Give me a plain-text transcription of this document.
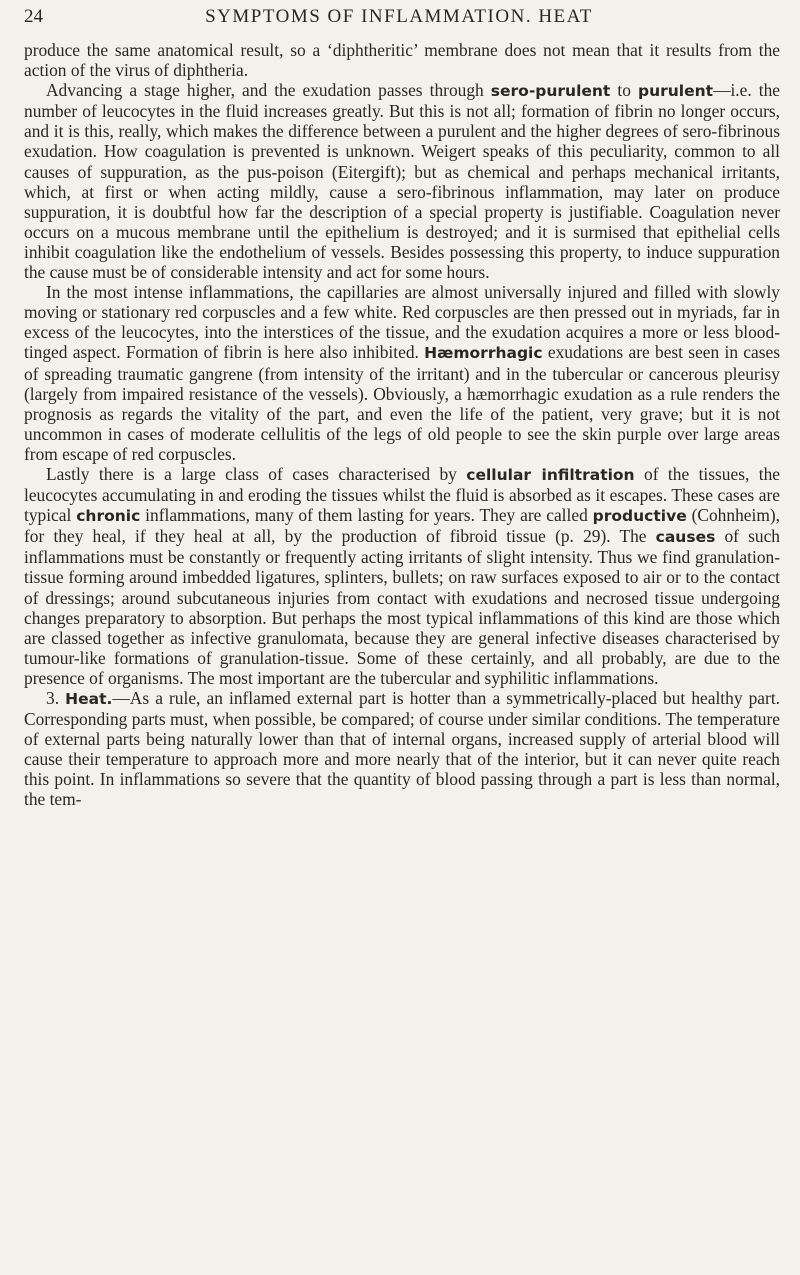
24	SYMPTOMS OF INFLAMMATION. HEAT

produce the same anatomical result, so a ‘diphtheritic’ membrane does not mean that it results from the action of the virus of diphtheria.

Advancing a stage higher, and the exudation passes through sero-purulent to purulent—i.e. the number of leucocytes in the fluid increases greatly. But this is not all; formation of fibrin no longer occurs, and it is this, really, which makes the difference between a purulent and the higher degrees of sero-fibrinous exudation. How coagulation is prevented is unknown. Weigert speaks of this peculiarity, common to all causes of suppuration, as the pus-poison (Eitergift); but as chemical and perhaps mechanical irritants, which, at first or when acting mildly, cause a sero-fibrinous inflammation, may later on produce suppuration, it is doubtful how far the description of a special property is justifiable. Coagulation never occurs on a mucous membrane until the epithelium is destroyed; and it is surmised that epithelial cells inhibit coagulation like the endothelium of vessels. Besides possessing this property, to induce suppuration the cause must be of considerable intensity and act for some hours.

In the most intense inflammations, the capillaries are almost universally injured and filled with slowly moving or stationary red corpuscles and a few white. Red corpuscles are then pressed out in myriads, far in excess of the leucocytes, into the interstices of the tissue, and the exudation acquires a more or less blood-tinged aspect. Formation of fibrin is here also inhibited. Hæmorrhagic exudations are best seen in cases of spreading traumatic gangrene (from intensity of the irritant) and in the tubercular or cancerous pleurisy (largely from impaired resistance of the vessels). Obviously, a hæmorrhagic exudation as a rule renders the prognosis as regards the vitality of the part, and even the life of the patient, very grave; but it is not uncommon in cases of moderate cellulitis of the legs of old people to see the skin purple over large areas from escape of red corpuscles.

Lastly there is a large class of cases characterised by cellular infiltration of the tissues, the leucocytes accumulating in and eroding the tissues whilst the fluid is absorbed as it escapes. These cases are typical chronic inflammations, many of them lasting for years. They are called productive (Cohnheim), for they heal, if they heal at all, by the production of fibroid tissue (p. 29). The causes of such inflammations must be constantly or frequently acting irritants of slight intensity. Thus we find granulation-tissue forming around imbedded ligatures, splinters, bullets; on raw surfaces exposed to air or to the contact of dressings; around subcutaneous injuries from contact with exudations and necrosed tissue undergoing changes preparatory to absorption. But perhaps the most typical inflammations of this kind are those which are classed together as infective granulomata, because they are general infective diseases characterised by tumour-like formations of granulation-tissue. Some of these certainly, and all probably, are due to the presence of organisms. The most important are the tubercular and syphilitic inflammations.

3. Heat.—As a rule, an inflamed external part is hotter than a symmetrically-placed but healthy part. Corresponding parts must, when possible, be compared; of course under similar conditions. The temperature of external parts being naturally lower than that of internal organs, increased supply of arterial blood will cause their temperature to approach more and more nearly that of the interior, but it can never quite reach this point. In inflammations so severe that the quantity of blood passing through a part is less than normal, the tem-
